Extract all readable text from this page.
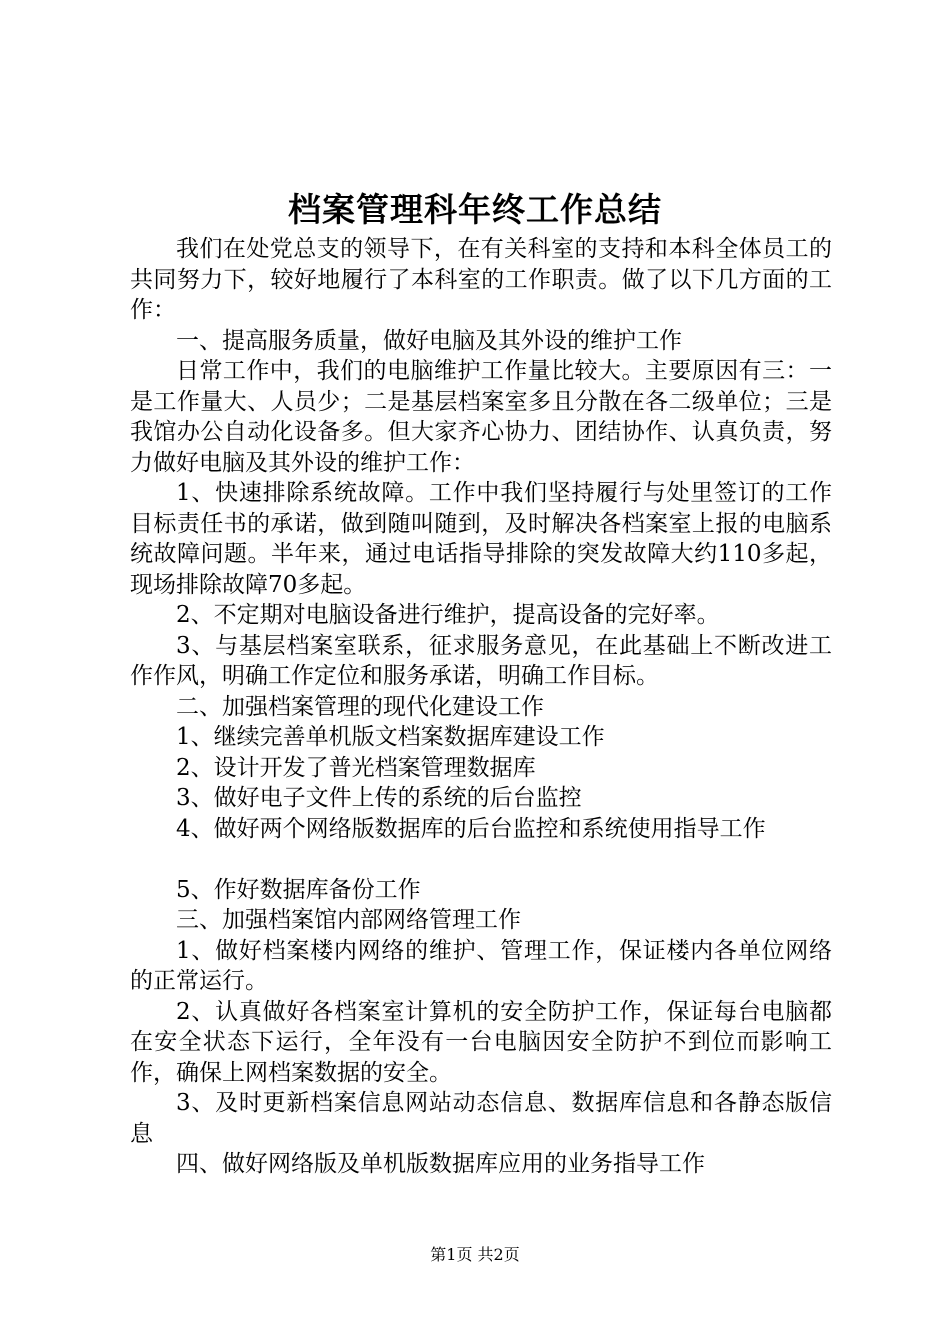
档案管理科年终工作总结

我们在处党总支的领导下，在有关科室的支持和本科全体员工的共同努力下，较好地履行了本科室的工作职责。做了以下几方面的工作：

一、提高服务质量，做好电脑及其外设的维护工作

日常工作中，我们的电脑维护工作量比较大。主要原因有三：一是工作量大、人员少；二是基层档案室多且分散在各二级单位；三是我馆办公自动化设备多。但大家齐心协力、团结协作、认真负责，努力做好电脑及其外设的维护工作：

1、快速排除系统故障。工作中我们坚持履行与处里签订的工作目标责任书的承诺，做到随叫随到，及时解决各档案室上报的电脑系统故障问题。半年来，通过电话指导排除的突发故障大约110多起，现场排除故障70多起。

2、不定期对电脑设备进行维护，提高设备的完好率。

3、与基层档案室联系，征求服务意见，在此基础上不断改进工作作风，明确工作定位和服务承诺，明确工作目标。

二、加强档案管理的现代化建设工作

1、继续完善单机版文档案数据库建设工作

2、设计开发了普光档案管理数据库

3、做好电子文件上传的系统的后台监控

4、做好两个网络版数据库的后台监控和系统使用指导工作

5、作好数据库备份工作

三、加强档案馆内部网络管理工作

1、做好档案楼内网络的维护、管理工作，保证楼内各单位网络的正常运行。

2、认真做好各档案室计算机的安全防护工作，保证每台电脑都在安全状态下运行，全年没有一台电脑因安全防护不到位而影响工作，确保上网档案数据的安全。

3、及时更新档案信息网站动态信息、数据库信息和各静态版信息

四、做好网络版及单机版数据库应用的业务指导工作

第1页 共2页
